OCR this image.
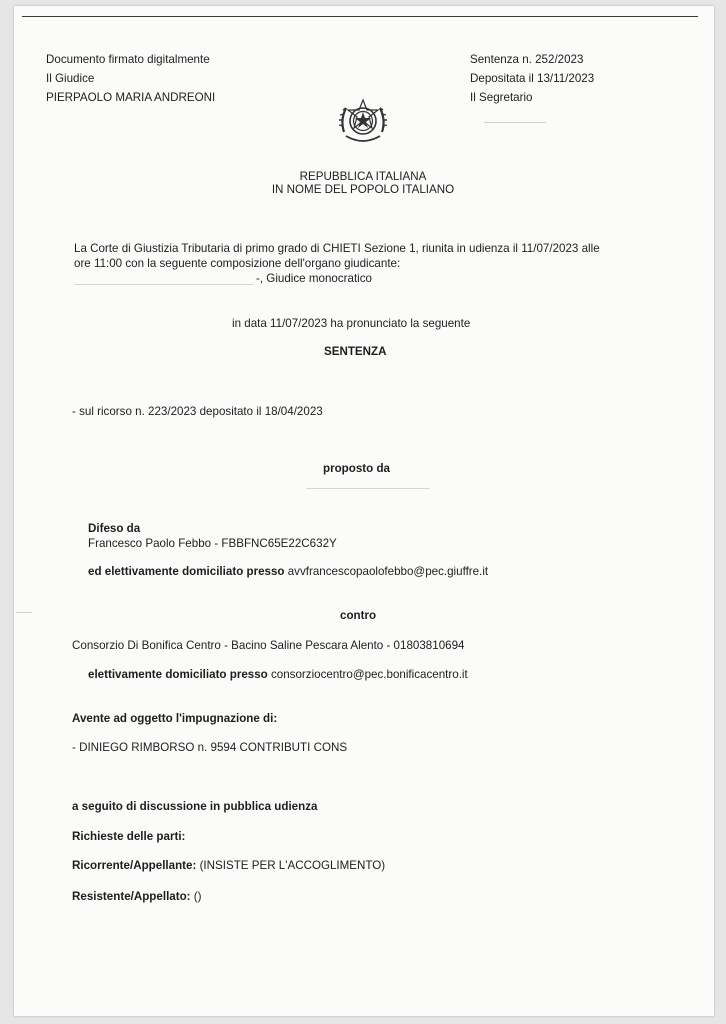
Documento firmato digitalmente
Il Giudice
PIERPAOLO MARIA ANDREONI
Sentenza n. 252/2023
Depositata il 13/11/2023
Il Segretario
REPUBBLICA ITALIANA
IN NOME DEL POPOLO ITALIANO
La Corte di Giustizia Tributaria di primo grado di CHIETI Sezione 1, riunita in udienza il 11/07/2023 alle
ore 11:00 con la seguente composizione dell'organo giudicante:
-, Giudice monocratico
in data 11/07/2023 ha pronunciato la seguente
SENTENZA
- sul ricorso n. 223/2023 depositato il 18/04/2023
proposto da
Difeso da
Francesco Paolo Febbo - FBBFNC65E22C632Y
ed elettivamente domiciliato presso avvfrancescopaolofebbo@pec.giuffre.it
contro
Consorzio Di Bonifica Centro - Bacino Saline Pescara Alento - 01803810694
elettivamente domiciliato presso consorziocentro@pec.bonificacentro.it
Avente ad oggetto l'impugnazione di:
- DINIEGO RIMBORSO n. 9594 CONTRIBUTI CONS
a seguito di discussione in pubblica udienza
Richieste delle parti:
Ricorrente/Appellante: (INSISTE PER L'ACCOGLIMENTO)
Resistente/Appellato: ()
